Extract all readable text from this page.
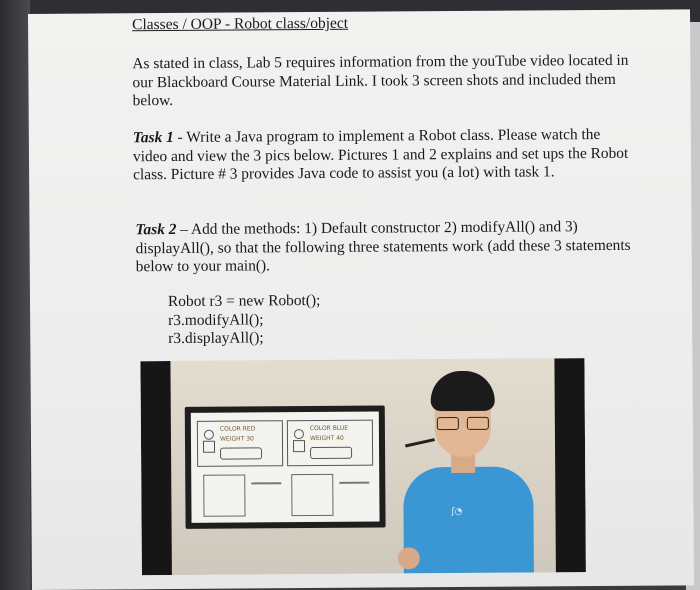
Classes / OOP - Robot class/object

As stated in class, Lab 5 requires information from the youTube video located in our Blackboard Course Material Link. I took 3 screen shots and included them below.

Task 1 - Write a Java program to implement a Robot class. Please watch the video and view the 3 pics below. Pictures 1 and 2 explains and set ups the Robot class. Picture # 3 provides Java code to assist you (a lot) with task 1.

Task 2 – Add the methods: 1) Default constructor 2) modifyAll() and 3) displayAll(), so that the following three statements work (add these 3 statements below to your main().

Robot r3 = new Robot();
r3.modifyAll();
r3.displayAll();
COLOR RED
WEIGHT 30
COLOR BLUE
WEIGHT 40
ʃ◔
